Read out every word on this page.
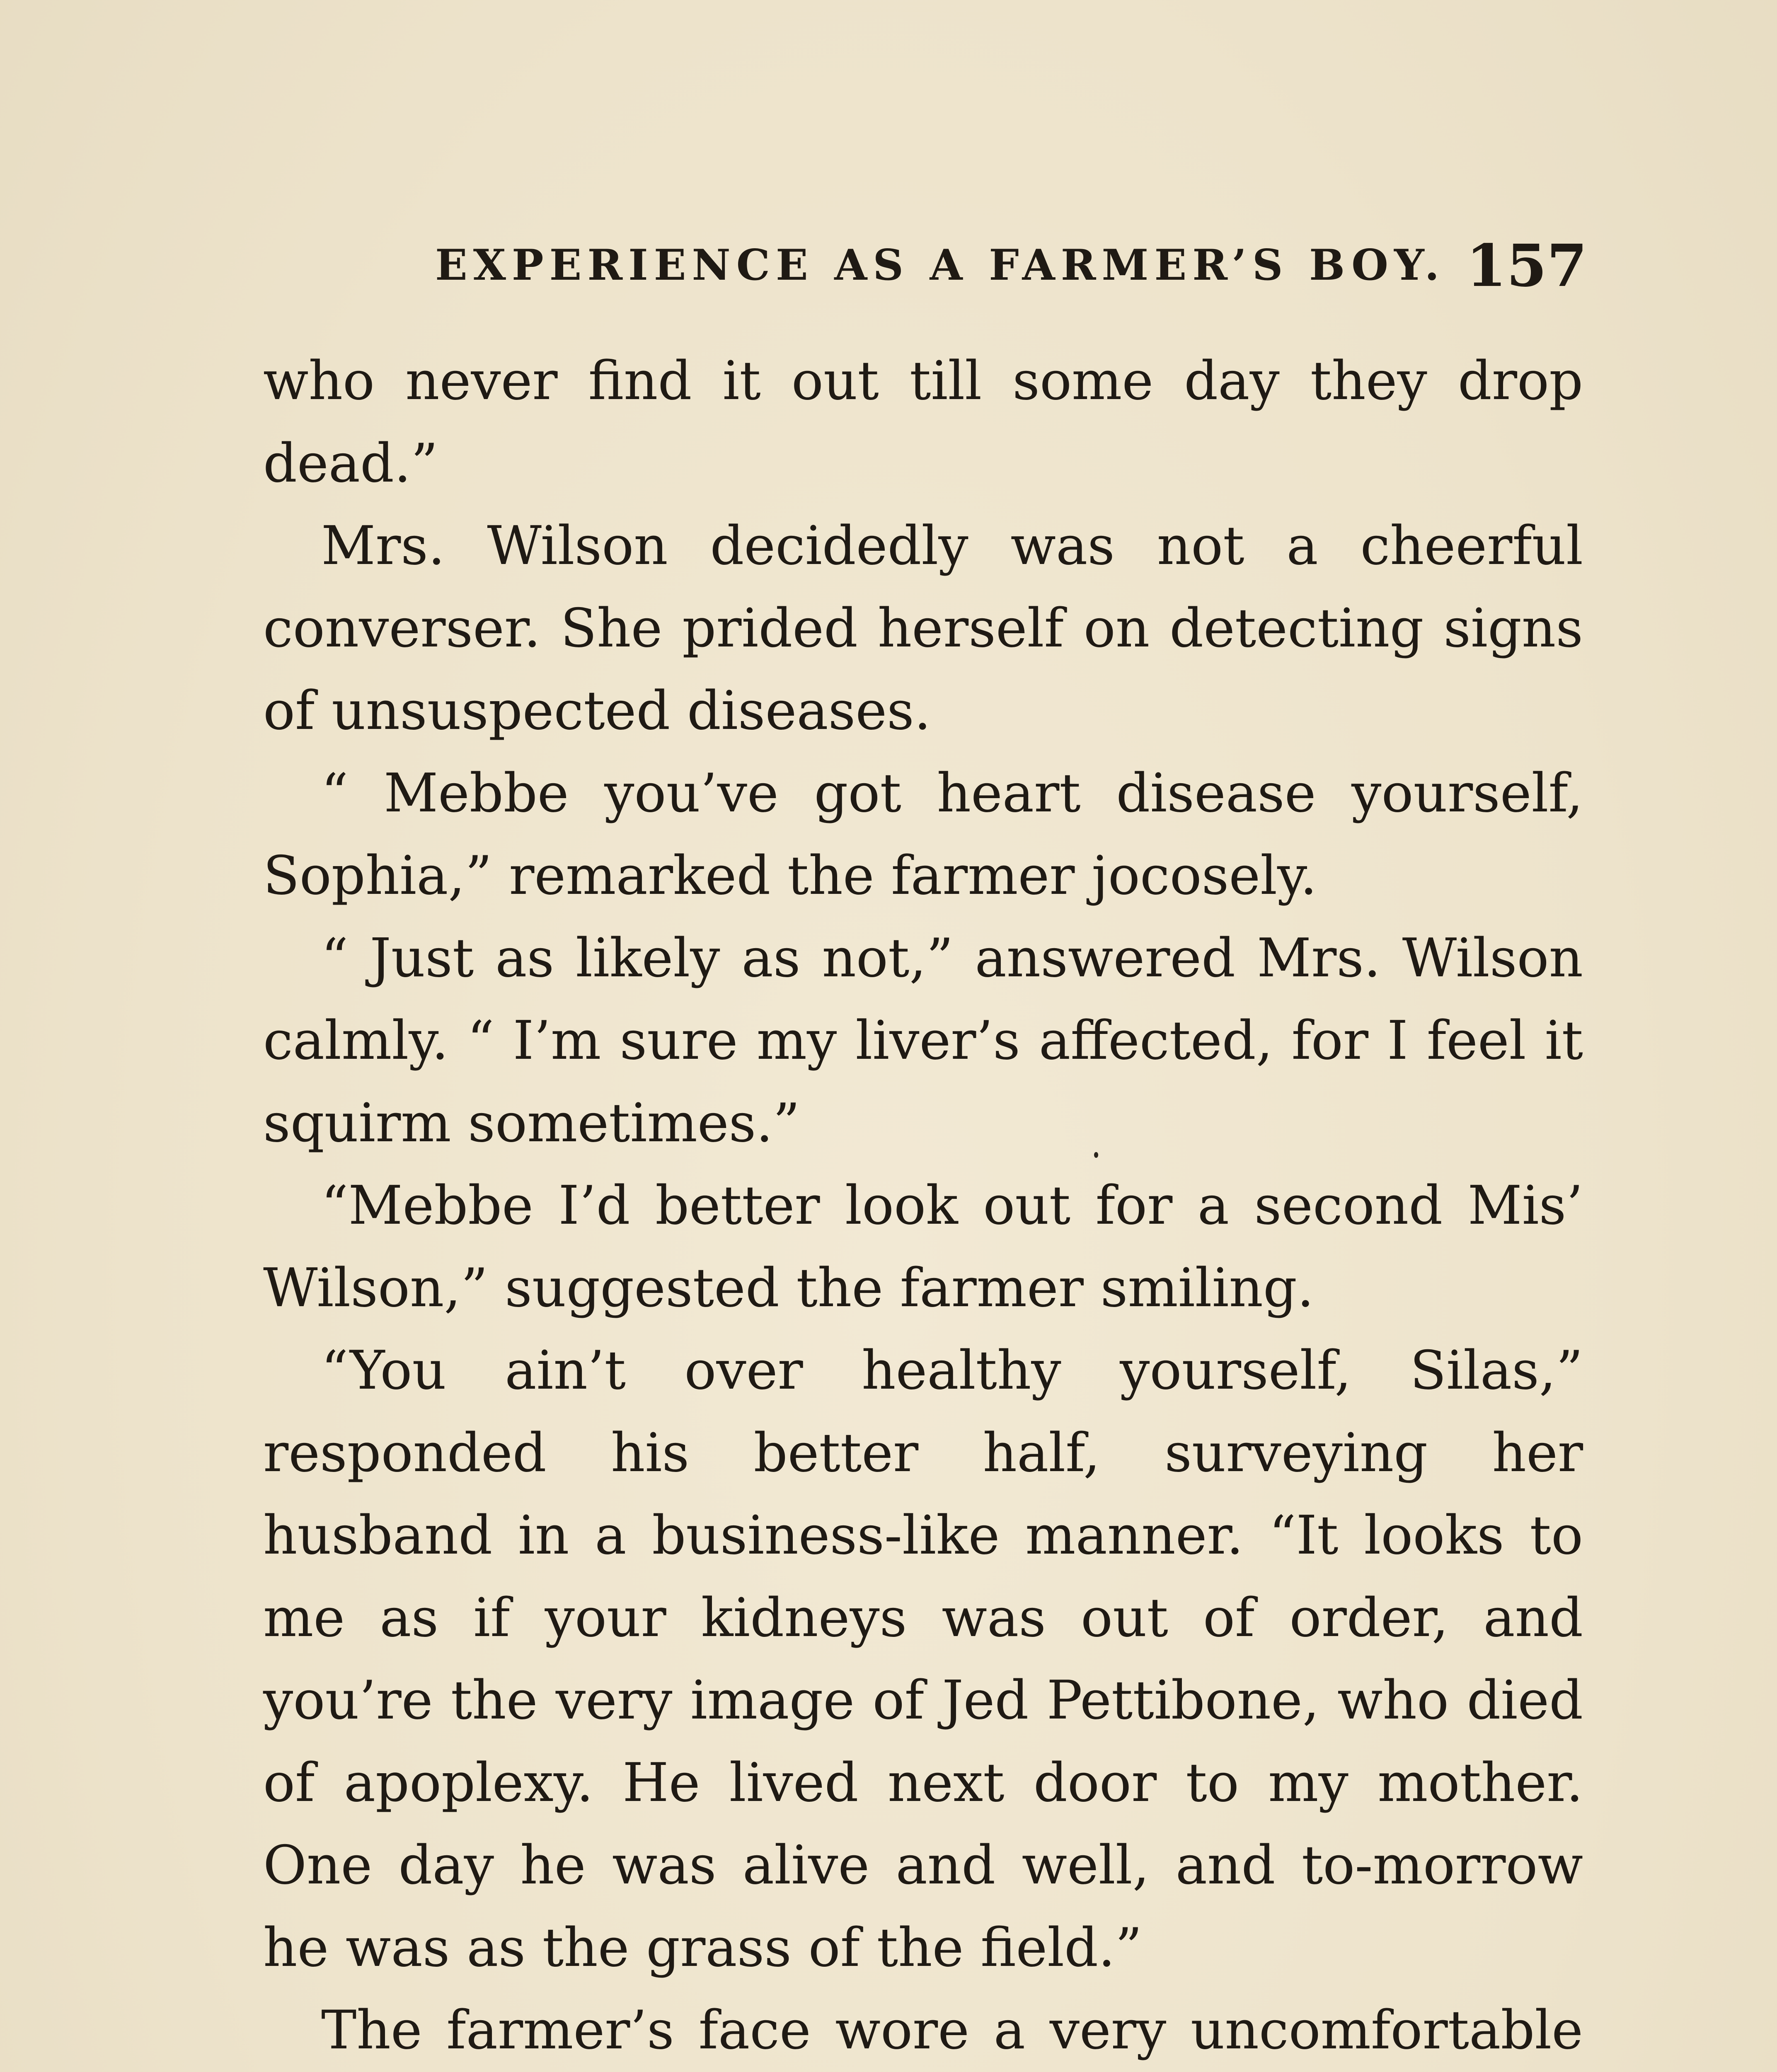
EXPERIENCE AS A FARMER’S BOY. 157

who never find it out till some day they drop dead.”

Mrs. Wilson decidedly was not a cheerful converser. She prided herself on detecting signs of unsuspected diseases.

“ Mebbe you’ve got heart disease yourself, Sophia,” remarked the farmer jocosely.

“ Just as likely as not,” answered Mrs. Wilson calmly. “ I’m sure my liver’s affected, for I feel it squirm sometimes.”

“Mebbe I’d better look out for a second Mis’ Wilson,” suggested the farmer smiling.

“You ain’t over healthy yourself, Silas,” responded his better half, surveying her husband in a business-like manner. “It looks to me as if your kidneys was out of order, and you’re the very image of Jed Pettibone, who died of apoplexy. He lived next door to my mother. One day he was alive and well, and to-morrow he was as the grass of the field.”

The farmer’s face wore a very uncomfortable
